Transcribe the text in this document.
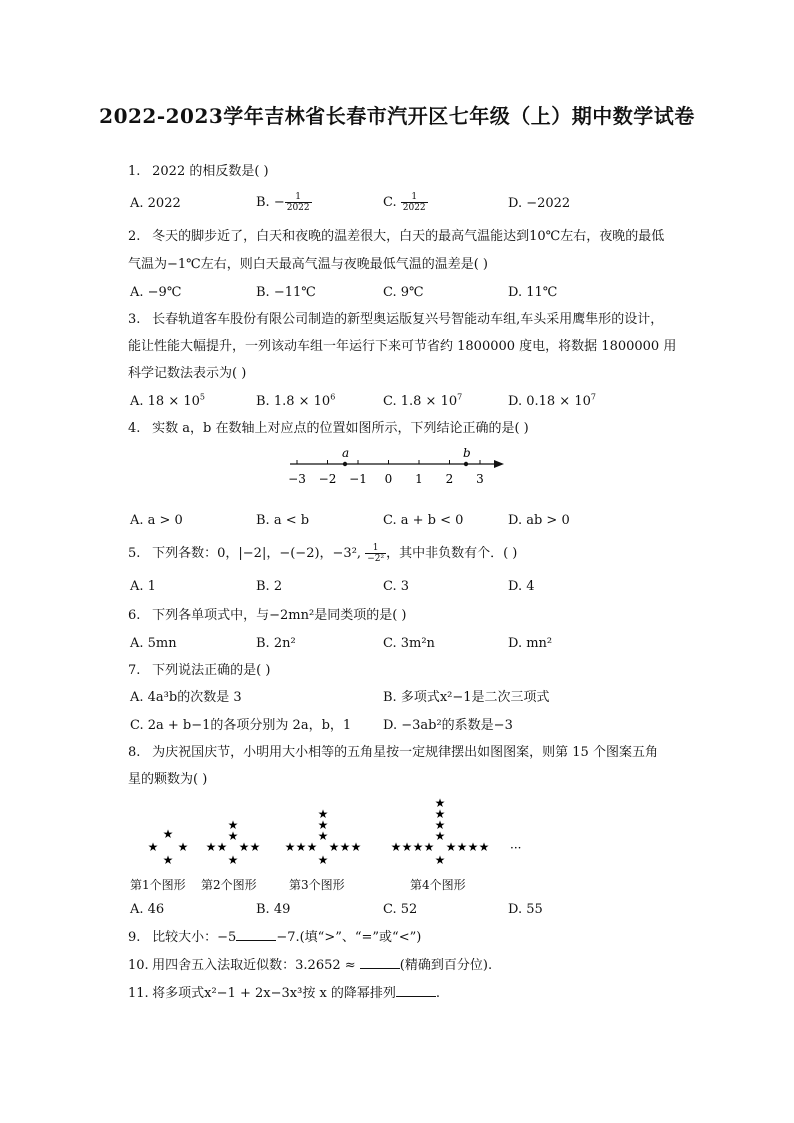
2022-2023学年吉林省长春市汽开区七年级（上）期中数学试卷
1. 2022 的相反数是( )
A. 2022	B. − $\frac{1}{2022}$	C. $\frac{1}{2022}$	D. −2022
2. 冬天的脚步近了，白天和夜晚的温差很大，白天的最高气温能达到10℃左右，夜晚的最低
气温为−1℃左右，则白天最高气温与夜晚最低气温的温差是( )
A. −9℃	B. −11℃	C. 9℃	D. 11℃
3. 长春轨道客车股份有限公司制造的新型奥运版复兴号智能动车组,车头采用鹰隼形的设计，
能让性能大幅提升，一列该动车组一年运行下来可节省约 1800000 度电，将数据 1800000 用
科学记数法表示为( )
A. $18 \times 10^5$	B. $1.8 \times 10^6$	C. $1.8 \times 10^7$	D. $0.18 \times 10^7$
4. 实数 a，b 在数轴上对应点的位置如图所示，下列结论正确的是( )
−3 −2 −1 0 1 2 3
a	b
A. a > 0	B. a < b	C. a + b < 0	D. ab > 0
5. 下列各数：0，|−2|，−(−2)，−3², $\frac{1}{\text{−2²}}$ ，其中非负数有个．( )
A. 1	B. 2	C. 3	D. 4
6. 下列各单项式中，与−2mn²是同类项的是( )
A. 5mn	B. 2n²	C. 3m²n	D. mn²
7. 下列说法正确的是( )
A. 4a³b的次数是 3	B. 多项式x²−1是二次三项式
C. 2a + b−1的各项分别为 2a，b，1 D. −3ab²的系数是−3
8. 为庆祝国庆节，小明用大小相等的五角星按一定规律摆出如图图案，则第 15 个图案五角
星的颗数为( )
★ ★
★
★
★ ★
★	★
★
★
★
★ ★
★	★
★	★
★
★
★
★
★ ★
★	★
★	★
★	★
★
★
★
★
★
···
第1个图形 第2个图形	第3个图形	第4个图形
A. 46	B. 49	C. 52	D. 55
9. 比较大小：−5	−7.(填“>”、“=”或“<”)
10. 用四舍五入法取近似数：3.2652 ≈	(精确到百分位).
11. 将多项式x²−1 + 2x−3x³按 x 的降幂排列	.
